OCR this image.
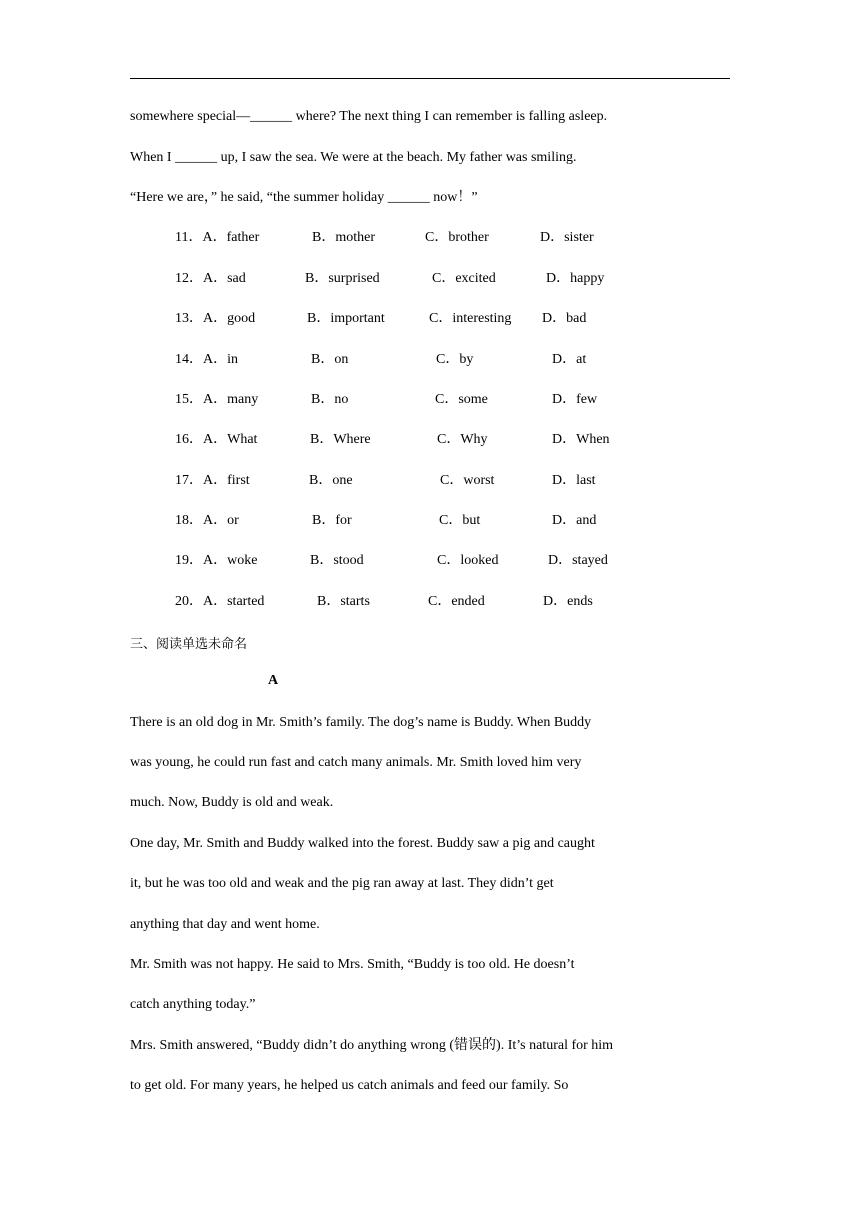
somewhere special—______ where? The next thing I can remember is falling asleep.
When I ______ up, I saw the sea. We were at the beach. My father was smiling.
“Here we are，” he said, “the summer holiday ______ now！”
11．A．father	B．mother	C．brother	D．sister
12．A．sad	B．surprised	C．excited	D．happy
13．A．good	B．important	C．interesting D．bad
14．A．in	B．on	C．by	D．at
15．A．many	B．no	C．some	D．few
16．A．What	B．Where	C．Why	D．When
17．A．first	B．one	C．worst	D．last
18．A．or	B．for	C．but	D．and
19．A．woke	B．stood	C．looked	D．stayed
20．A．started	B．starts	C．ended	D．ends
三、阅读单选未命名
A
There is an old dog in Mr. Smith’s family. The dog’s name is Buddy. When Buddy
was young, he could run fast and catch many animals. Mr. Smith loved him very
much. Now, Buddy is old and weak.
One day, Mr. Smith and Buddy walked into the forest. Buddy saw a pig and caught
it, but he was too old and weak and the pig ran away at last. They didn’t get
anything that day and went home.
Mr. Smith was not happy. He said to Mrs. Smith, “Buddy is too old. He doesn’t
catch anything today.”
Mrs. Smith answered, “Buddy didn’t do anything wrong (错误的). It’s natural for him
to get old. For many years, he helped us catch animals and feed our family. So
